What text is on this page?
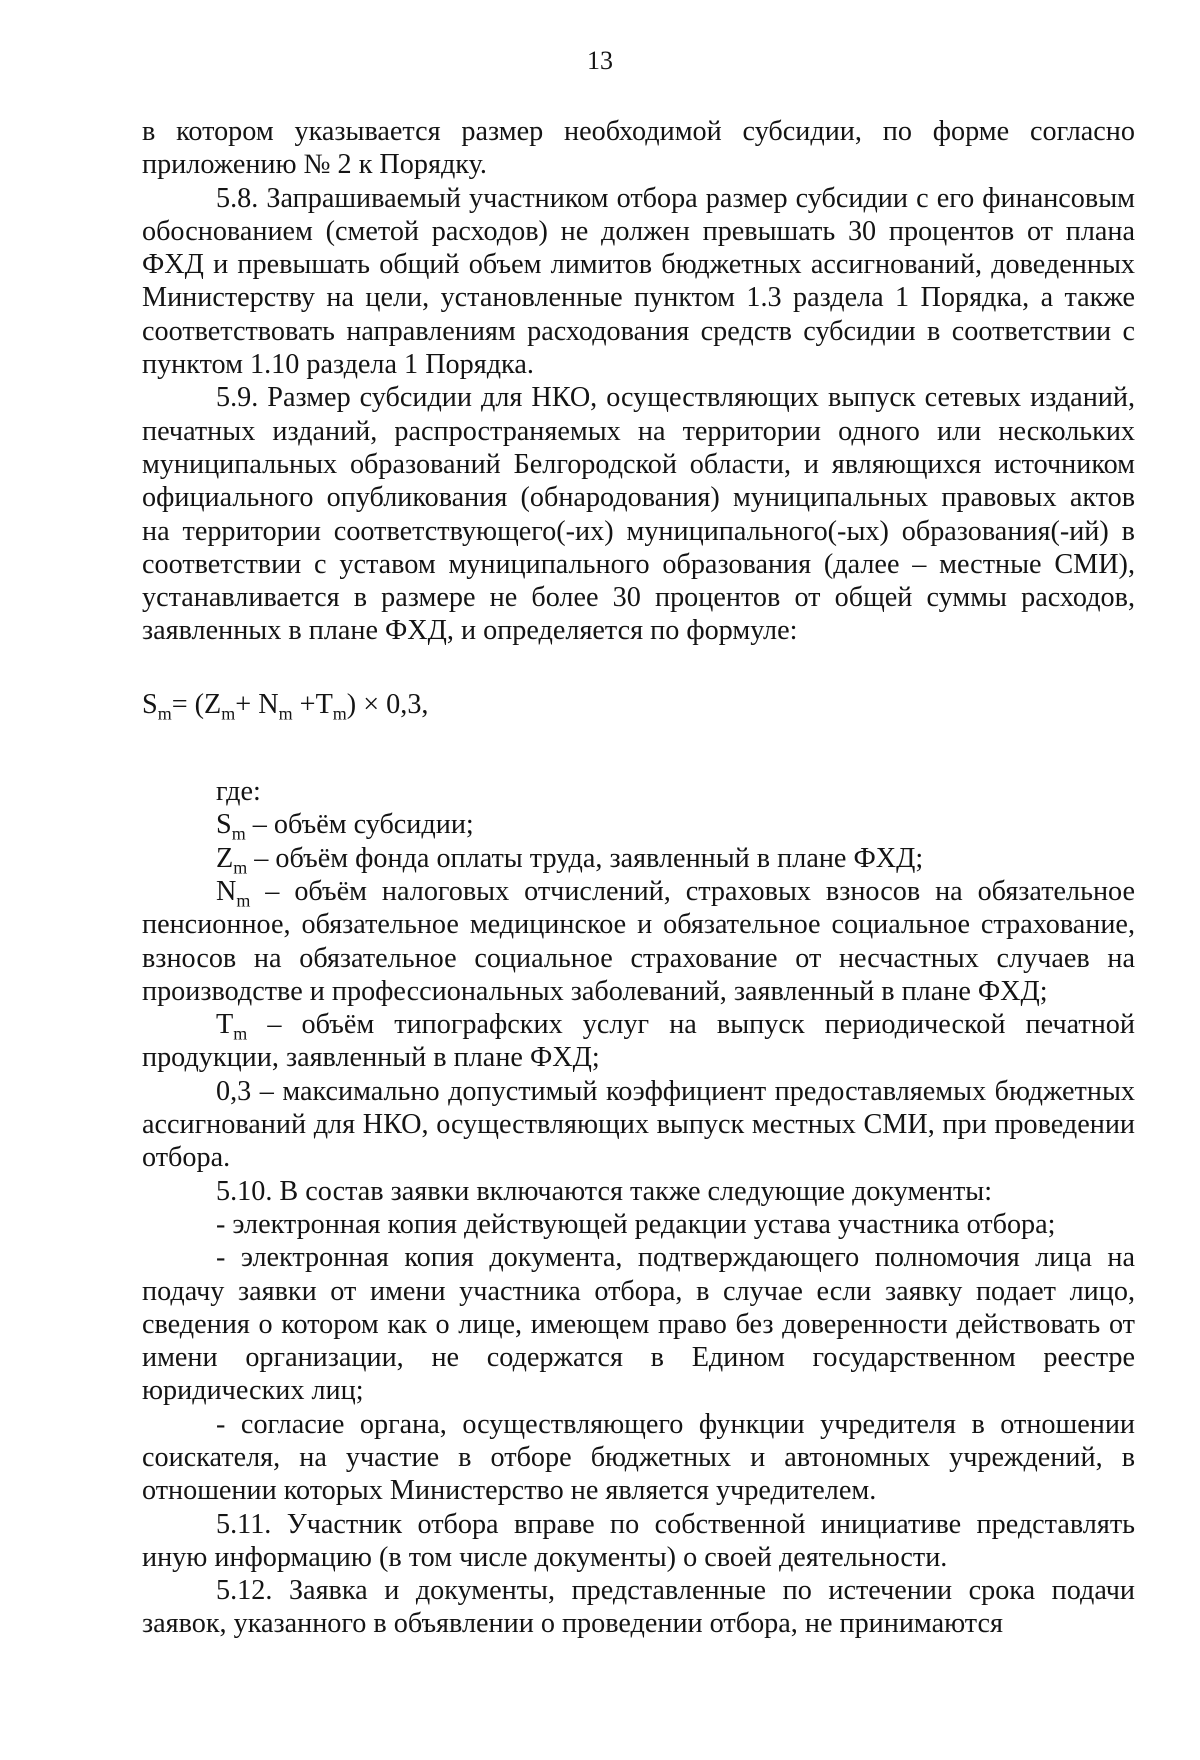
13

в котором указывается размер необходимой субсидии, по форме согласно приложению № 2 к Порядку.

5.8. Запрашиваемый участником отбора размер субсидии с его финансовым обоснованием (сметой расходов) не должен превышать 30 процентов от плана ФХД и превышать общий объем лимитов бюджетных ассигнований, доведенных Министерству на цели, установленные пунктом 1.3 раздела 1 Порядка, а также соответствовать направлениям расходования средств субсидии в соответствии с пунктом 1.10 раздела 1 Порядка.

5.9. Размер субсидии для НКО, осуществляющих выпуск сетевых изданий, печатных изданий, распространяемых на территории одного или нескольких муниципальных образований Белгородской области, и являющихся источником официального опубликования (обнародования) муниципальных правовых актов на территории соответствующего(-их) муниципального(-ых) образования(-ий) в соответствии с уставом муниципального образования (далее – местные СМИ), устанавливается в размере не более 30 процентов от общей суммы расходов, заявленных в плане ФХД, и определяется по формуле:

$S_m= (Z_m+ N_m +T_m) \times 0,3$,

где:

$S_m$ – объём субсидии;

$Z_m$ – объём фонда оплаты труда, заявленный в плане ФХД;

$N_m$ – объём налоговых отчислений, страховых взносов на обязательное пенсионное, обязательное медицинское и обязательное социальное страхование, взносов на обязательное социальное страхование от несчастных случаев на производстве и профессиональных заболеваний, заявленный в плане ФХД;

$T_m$ – объём типографских услуг на выпуск периодической печатной продукции, заявленный в плане ФХД;

0,3 – максимально допустимый коэффициент предоставляемых бюджетных ассигнований для НКО, осуществляющих выпуск местных СМИ, при проведении отбора.

5.10. В состав заявки включаются также следующие документы:

- электронная копия действующей редакции устава участника отбора;

- электронная копия документа, подтверждающего полномочия лица на подачу заявки от имени участника отбора, в случае если заявку подает лицо, сведения о котором как о лице, имеющем право без доверенности действовать от имени организации, не содержатся в Едином государственном реестре юридических лиц;

- согласие органа, осуществляющего функции учредителя в отношении соискателя, на участие в отборе бюджетных и автономных учреждений, в отношении которых Министерство не является учредителем.

5.11. Участник отбора вправе по собственной инициативе представлять иную информацию (в том числе документы) о своей деятельности.

5.12. Заявка и документы, представленные по истечении срока подачи заявок, указанного в объявлении о проведении отбора, не принимаются
